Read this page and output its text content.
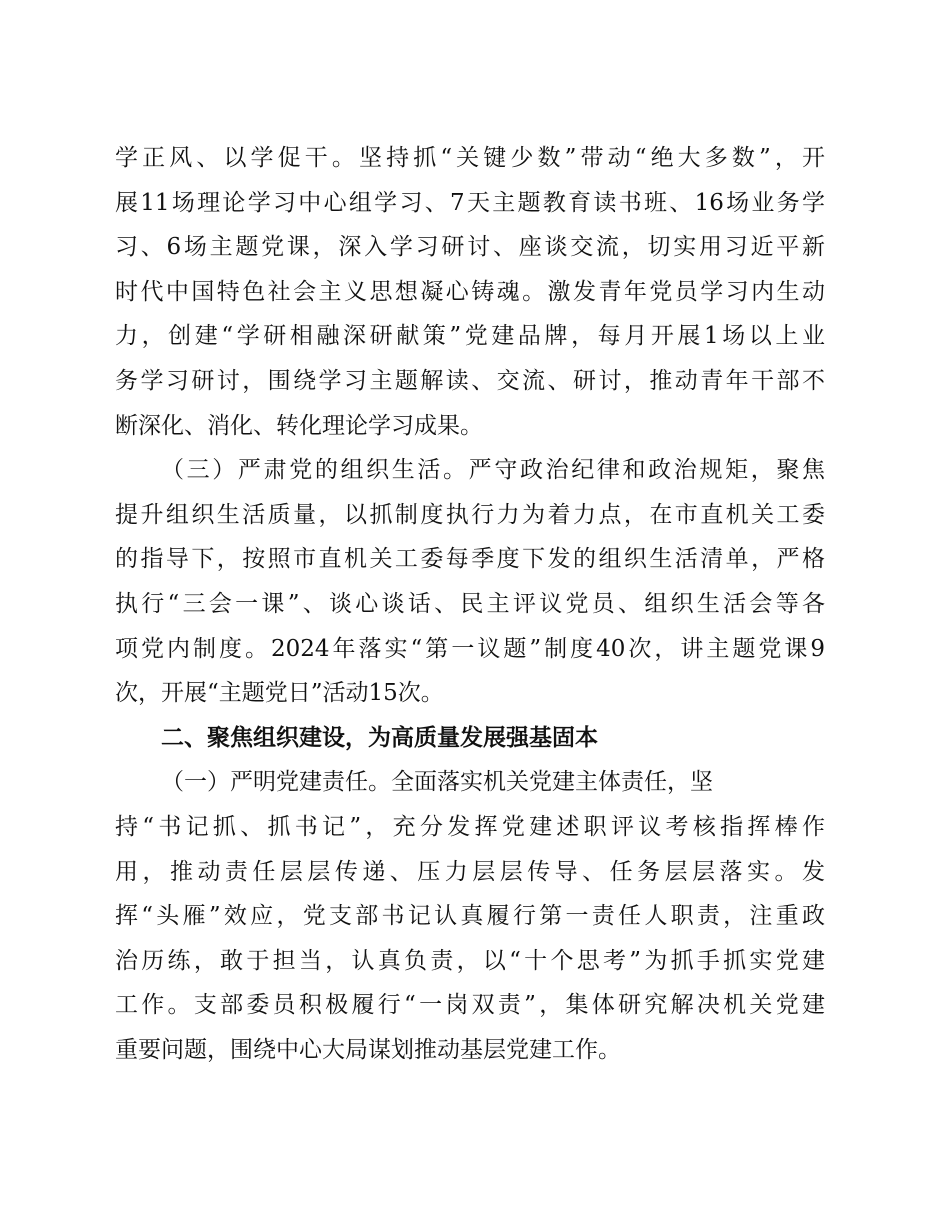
学正风、以学促干。坚持抓“关键少数”带动“绝大多数”，开
展11场理论学习中心组学习、7天主题教育读书班、16场业务学
习、6场主题党课，深入学习研讨、座谈交流，切实用习近平新
时代中国特色社会主义思想凝心铸魂。激发青年党员学习内生动
力，创建“学研相融深研献策”党建品牌，每月开展1场以上业
务学习研讨，围绕学习主题解读、交流、研讨，推动青年干部不
断深化、消化、转化理论学习成果。
（三）严肃党的组织生活。严守政治纪律和政治规矩，聚焦
提升组织生活质量，以抓制度执行力为着力点，在市直机关工委
的指导下，按照市直机关工委每季度下发的组织生活清单，严格
执行“三会一课”、谈心谈话、民主评议党员、组织生活会等各
项党内制度。2024年落实“第一议题”制度40次，讲主题党课9
次，开展“主题党日”活动15次。
二、聚焦组织建设，为高质量发展强基固本
（一）严明党建责任。全面落实机关党建主体责任，坚
持“书记抓、抓书记”，充分发挥党建述职评议考核指挥棒作
用，推动责任层层传递、压力层层传导、任务层层落实。发
挥“头雁”效应，党支部书记认真履行第一责任人职责，注重政
治历练，敢于担当，认真负责，以“十个思考”为抓手抓实党建
工作。支部委员积极履行“一岗双责”，集体研究解决机关党建
重要问题，围绕中心大局谋划推动基层党建工作。
